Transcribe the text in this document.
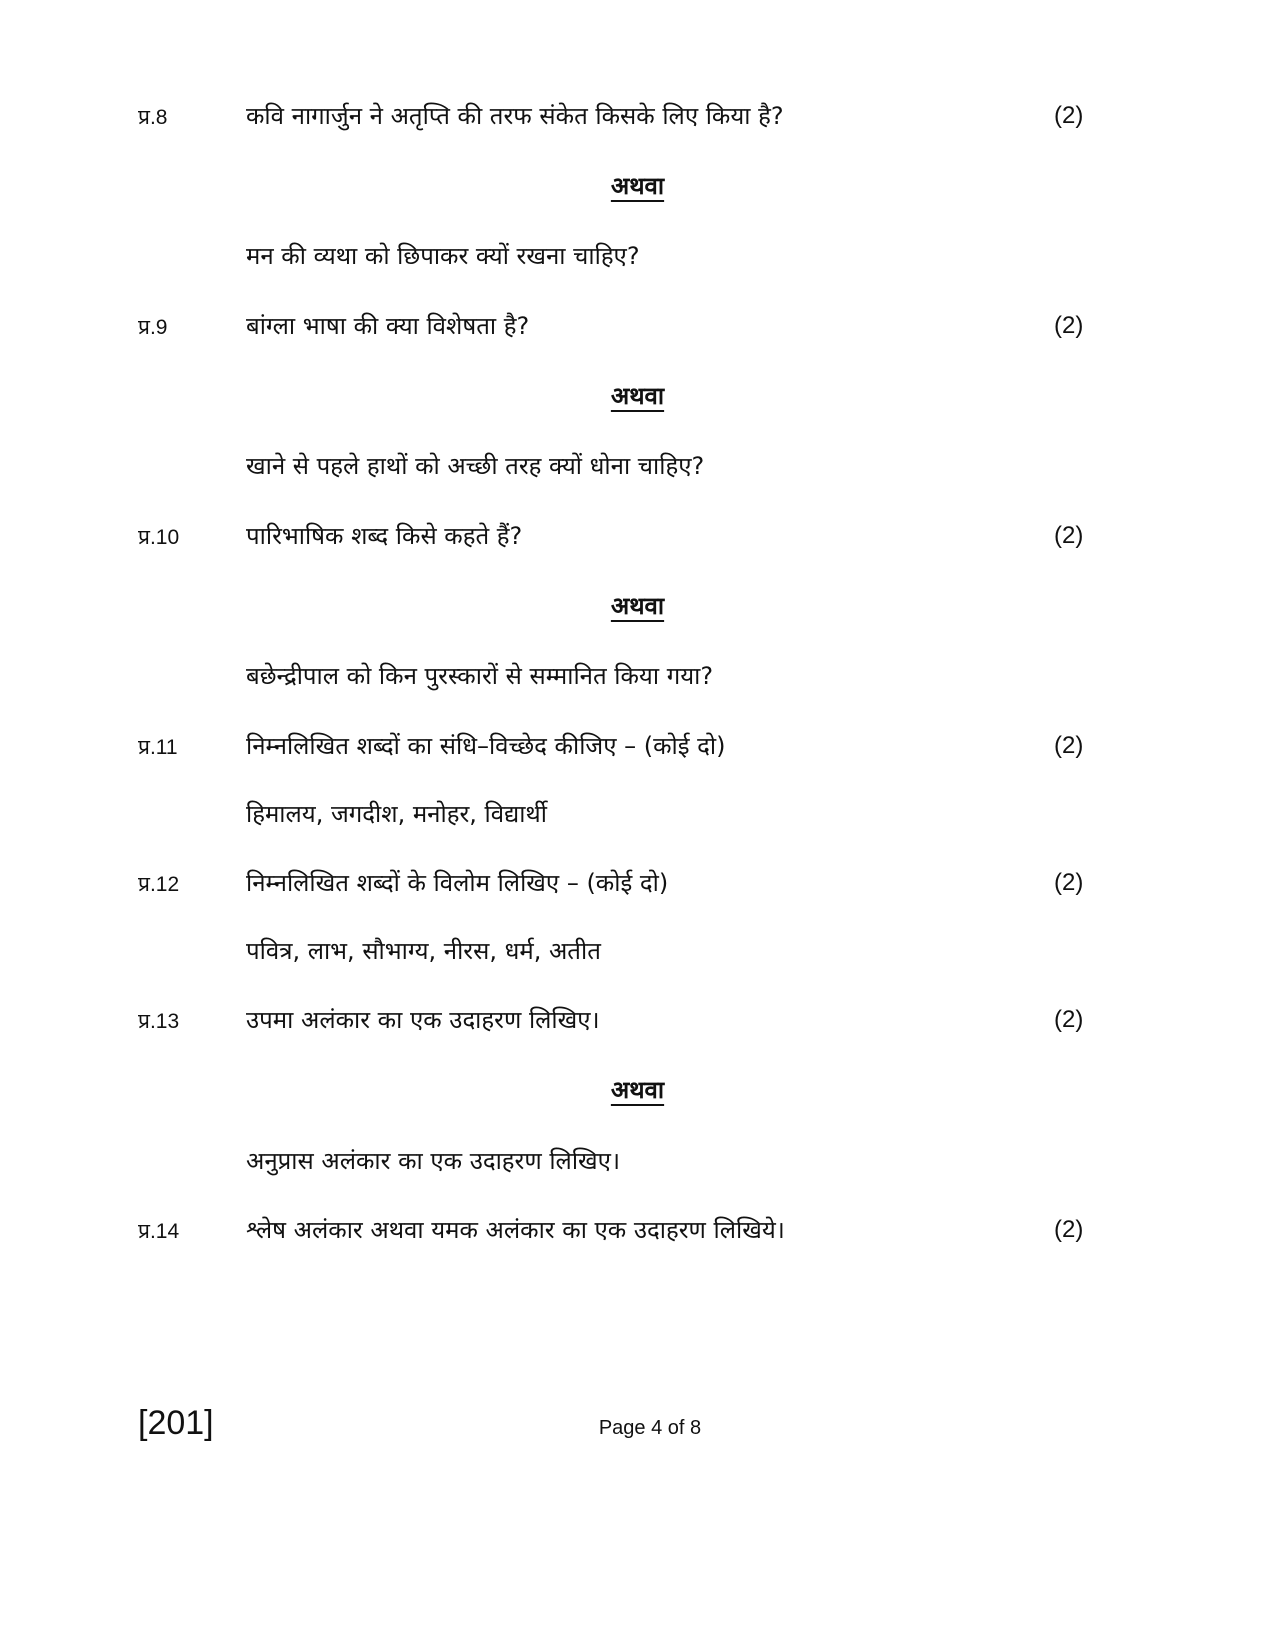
प्र.8	कवि नागार्जुन ने अतृप्ति की तरफ संकेत किसके लिए किया है?	(2)
अथवा
मन की व्यथा को छिपाकर क्यों रखना चाहिए?
प्र.9	बांग्ला भाषा की क्या विशेषता है?	(2)
अथवा
खाने से पहले हाथों को अच्छी तरह क्यों धोना चाहिए?
प्र.10	पारिभाषिक शब्द किसे कहते हैं?	(2)
अथवा
बछेन्द्रीपाल को किन पुरस्कारों से सम्मानित किया गया?
प्र.11	निम्नलिखित शब्दों का संधि–विच्छेद कीजिए – (कोई दो)	(2)
हिमालय, जगदीश, मनोहर, विद्यार्थी
प्र.12	निम्नलिखित शब्दों के विलोम लिखिए – (कोई दो)	(2)
पवित्र, लाभ, सौभाग्य, नीरस, धर्म, अतीत
प्र.13	उपमा अलंकार का एक उदाहरण लिखिए।	(2)
अथवा
अनुप्रास अलंकार का एक उदाहरण लिखिए।
प्र.14	श्लेष अलंकार अथवा यमक अलंकार का एक उदाहरण लिखिये।	(2)
[201]	Page 4 of 8
